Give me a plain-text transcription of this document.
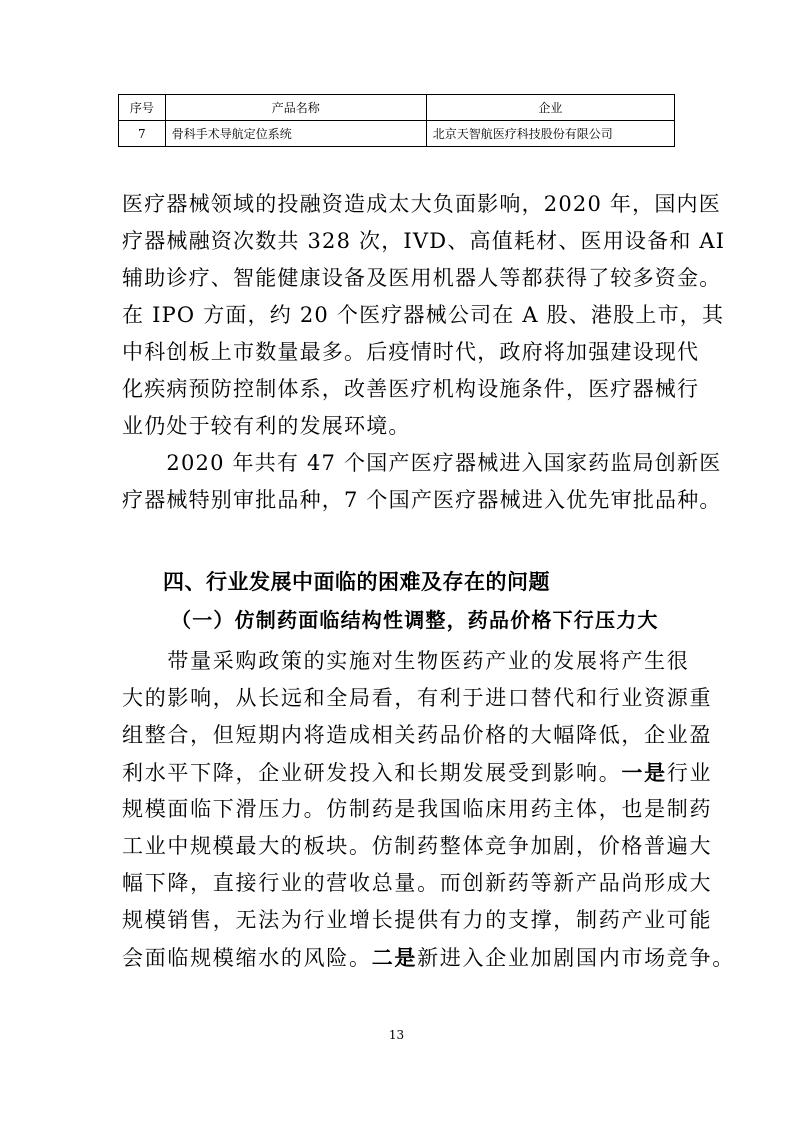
序号	产品名称	企业
7	骨科手术导航定位系统	北京天智航医疗科技股份有限公司
医疗器械领域的投融资造成太大负面影响，2020 年，国内医
疗器械融资次数共 328 次，IVD、高值耗材、医用设备和 AI
辅助诊疗、智能健康设备及医用机器人等都获得了较多资金。
在 IPO 方面，约 20 个医疗器械公司在 A 股、港股上市，其
中科创板上市数量最多。后疫情时代，政府将加强建设现代
化疾病预防控制体系，改善医疗机构设施条件，医疗器械行
业仍处于较有利的发展环境。
　　2020 年共有 47 个国产医疗器械进入国家药监局创新医
疗器械特别审批品种，7 个国产医疗器械进入优先审批品种。
四、行业发展中面临的困难及存在的问题
（一）仿制药面临结构性调整，药品价格下行压力大
　　带量采购政策的实施对生物医药产业的发展将产生很
大的影响，从长远和全局看，有利于进口替代和行业资源重
组整合，但短期内将造成相关药品价格的大幅降低，企业盈
利水平下降，企业研发投入和长期发展受到影响。一是行业
规模面临下滑压力。仿制药是我国临床用药主体，也是制药
工业中规模最大的板块。仿制药整体竞争加剧，价格普遍大
幅下降，直接行业的营收总量。而创新药等新产品尚形成大
规模销售，无法为行业增长提供有力的支撑，制药产业可能
会面临规模缩水的风险。二是新进入企业加剧国内市场竞争。
13
